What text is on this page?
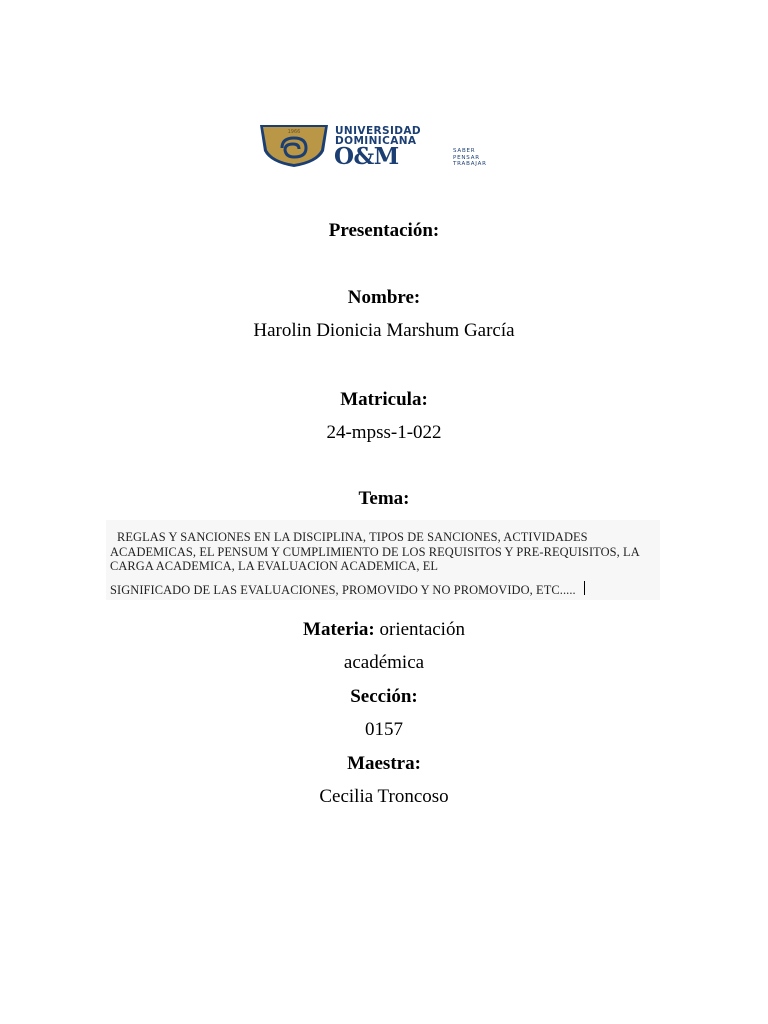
1966	UNIVERSIDAD
DOMINICANA
O&M	SABER
PENSAR
TRABAJAR
Presentación:
Nombre:
Harolin Dionicia Marshum García
Matricula:
24-mpss-1-022
Tema:
REGLAS Y SANCIONES EN LA DISCIPLINA, TIPOS DE SANCIONES, ACTIVIDADES ACADEMICAS, EL PENSUM Y CUMPLIMIENTO DE LOS REQUISITOS Y PRE-REQUISITOS, LA CARGA ACADEMICA, LA EVALUACION ACADEMICA, EL
SIGNIFICADO DE LAS EVALUACIONES, PROMOVIDO Y NO PROMOVIDO, ETC.....
Materia: orientación
académica
Sección:
0157
Maestra:
Cecilia Troncoso
